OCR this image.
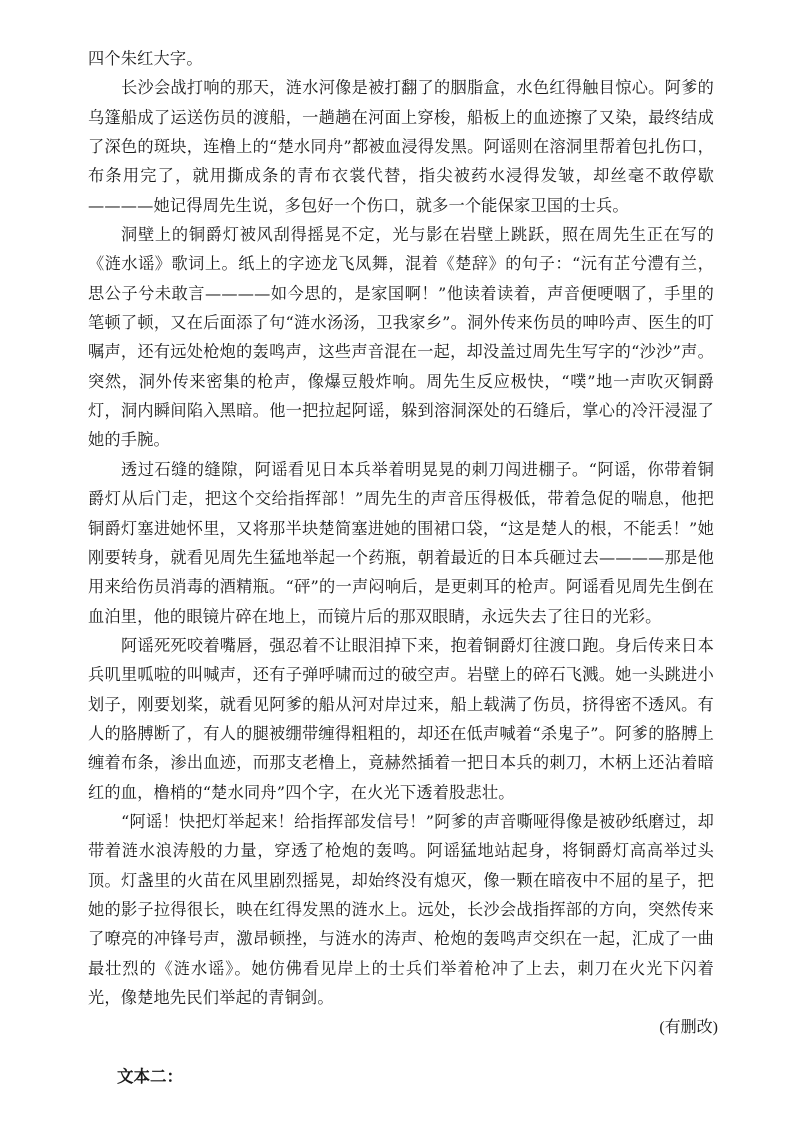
四个朱红大字。

长沙会战打响的那天，涟水河像是被打翻了的胭脂盒，水色红得触目惊心。阿爹的乌篷船成了运送伤员的渡船，一趟趟在河面上穿梭，船板上的血迹擦了又染，最终结成了深色的斑块，连橹上的“楚水同舟”都被血浸得发黑。阿谣则在溶洞里帮着包扎伤口，布条用完了，就用撕成条的青布衣裳代替，指尖被药水浸得发皱，却丝毫不敢停歇————她记得周先生说，多包好一个伤口，就多一个能保家卫国的士兵。

洞壁上的铜爵灯被风刮得摇晃不定，光与影在岩壁上跳跃，照在周先生正在写的《涟水谣》歌词上。纸上的字迹龙飞凤舞，混着《楚辞》的句子：“沅有芷兮澧有兰，思公子兮未敢言————如今思的，是家国啊！”他读着读着，声音便哽咽了，手里的笔顿了顿，又在后面添了句“涟水汤汤，卫我家乡”。洞外传来伤员的呻吟声、医生的叮嘱声，还有远处枪炮的轰鸣声，这些声音混在一起，却没盖过周先生写字的“沙沙”声。突然，洞外传来密集的枪声，像爆豆般炸响。周先生反应极快，“噗”地一声吹灭铜爵灯，洞内瞬间陷入黑暗。他一把拉起阿谣，躲到溶洞深处的石缝后，掌心的冷汗浸湿了她的手腕。

透过石缝的缝隙，阿谣看见日本兵举着明晃晃的刺刀闯进棚子。“阿谣，你带着铜爵灯从后门走，把这个交给指挥部！”周先生的声音压得极低，带着急促的喘息，他把铜爵灯塞进她怀里，又将那半块楚简塞进她的围裙口袋，“这是楚人的根，不能丢！”她刚要转身，就看见周先生猛地举起一个药瓶，朝着最近的日本兵砸过去————那是他用来给伤员消毒的酒精瓶。“砰”的一声闷响后，是更刺耳的枪声。阿谣看见周先生倒在血泊里，他的眼镜片碎在地上，而镜片后的那双眼睛，永远失去了往日的光彩。

阿谣死死咬着嘴唇，强忍着不让眼泪掉下来，抱着铜爵灯往渡口跑。身后传来日本兵叽里呱啦的叫喊声，还有子弹呼啸而过的破空声。岩壁上的碎石飞溅。她一头跳进小划子，刚要划桨，就看见阿爹的船从河对岸过来，船上载满了伤员，挤得密不透风。有人的胳膊断了，有人的腿被绷带缠得粗粗的，却还在低声喊着“杀鬼子”。阿爹的胳膊上缠着布条，渗出血迹，而那支老橹上，竟赫然插着一把日本兵的刺刀，木柄上还沾着暗红的血，橹梢的“楚水同舟”四个字，在火光下透着股悲壮。

“阿谣！快把灯举起来！给指挥部发信号！”阿爹的声音嘶哑得像是被砂纸磨过，却带着涟水浪涛般的力量，穿透了枪炮的轰鸣。阿谣猛地站起身，将铜爵灯高高举过头顶。灯盏里的火苗在风里剧烈摇晃，却始终没有熄灭，像一颗在暗夜中不屈的星子，把她的影子拉得很长，映在红得发黑的涟水上。远处，长沙会战指挥部的方向，突然传来了嘹亮的冲锋号声，激昂顿挫，与涟水的涛声、枪炮的轰鸣声交织在一起，汇成了一曲最壮烈的《涟水谣》。她仿佛看见岸上的士兵们举着枪冲了上去，刺刀在火光下闪着光，像楚地先民们举起的青铜剑。

(有删改)
文本二：
